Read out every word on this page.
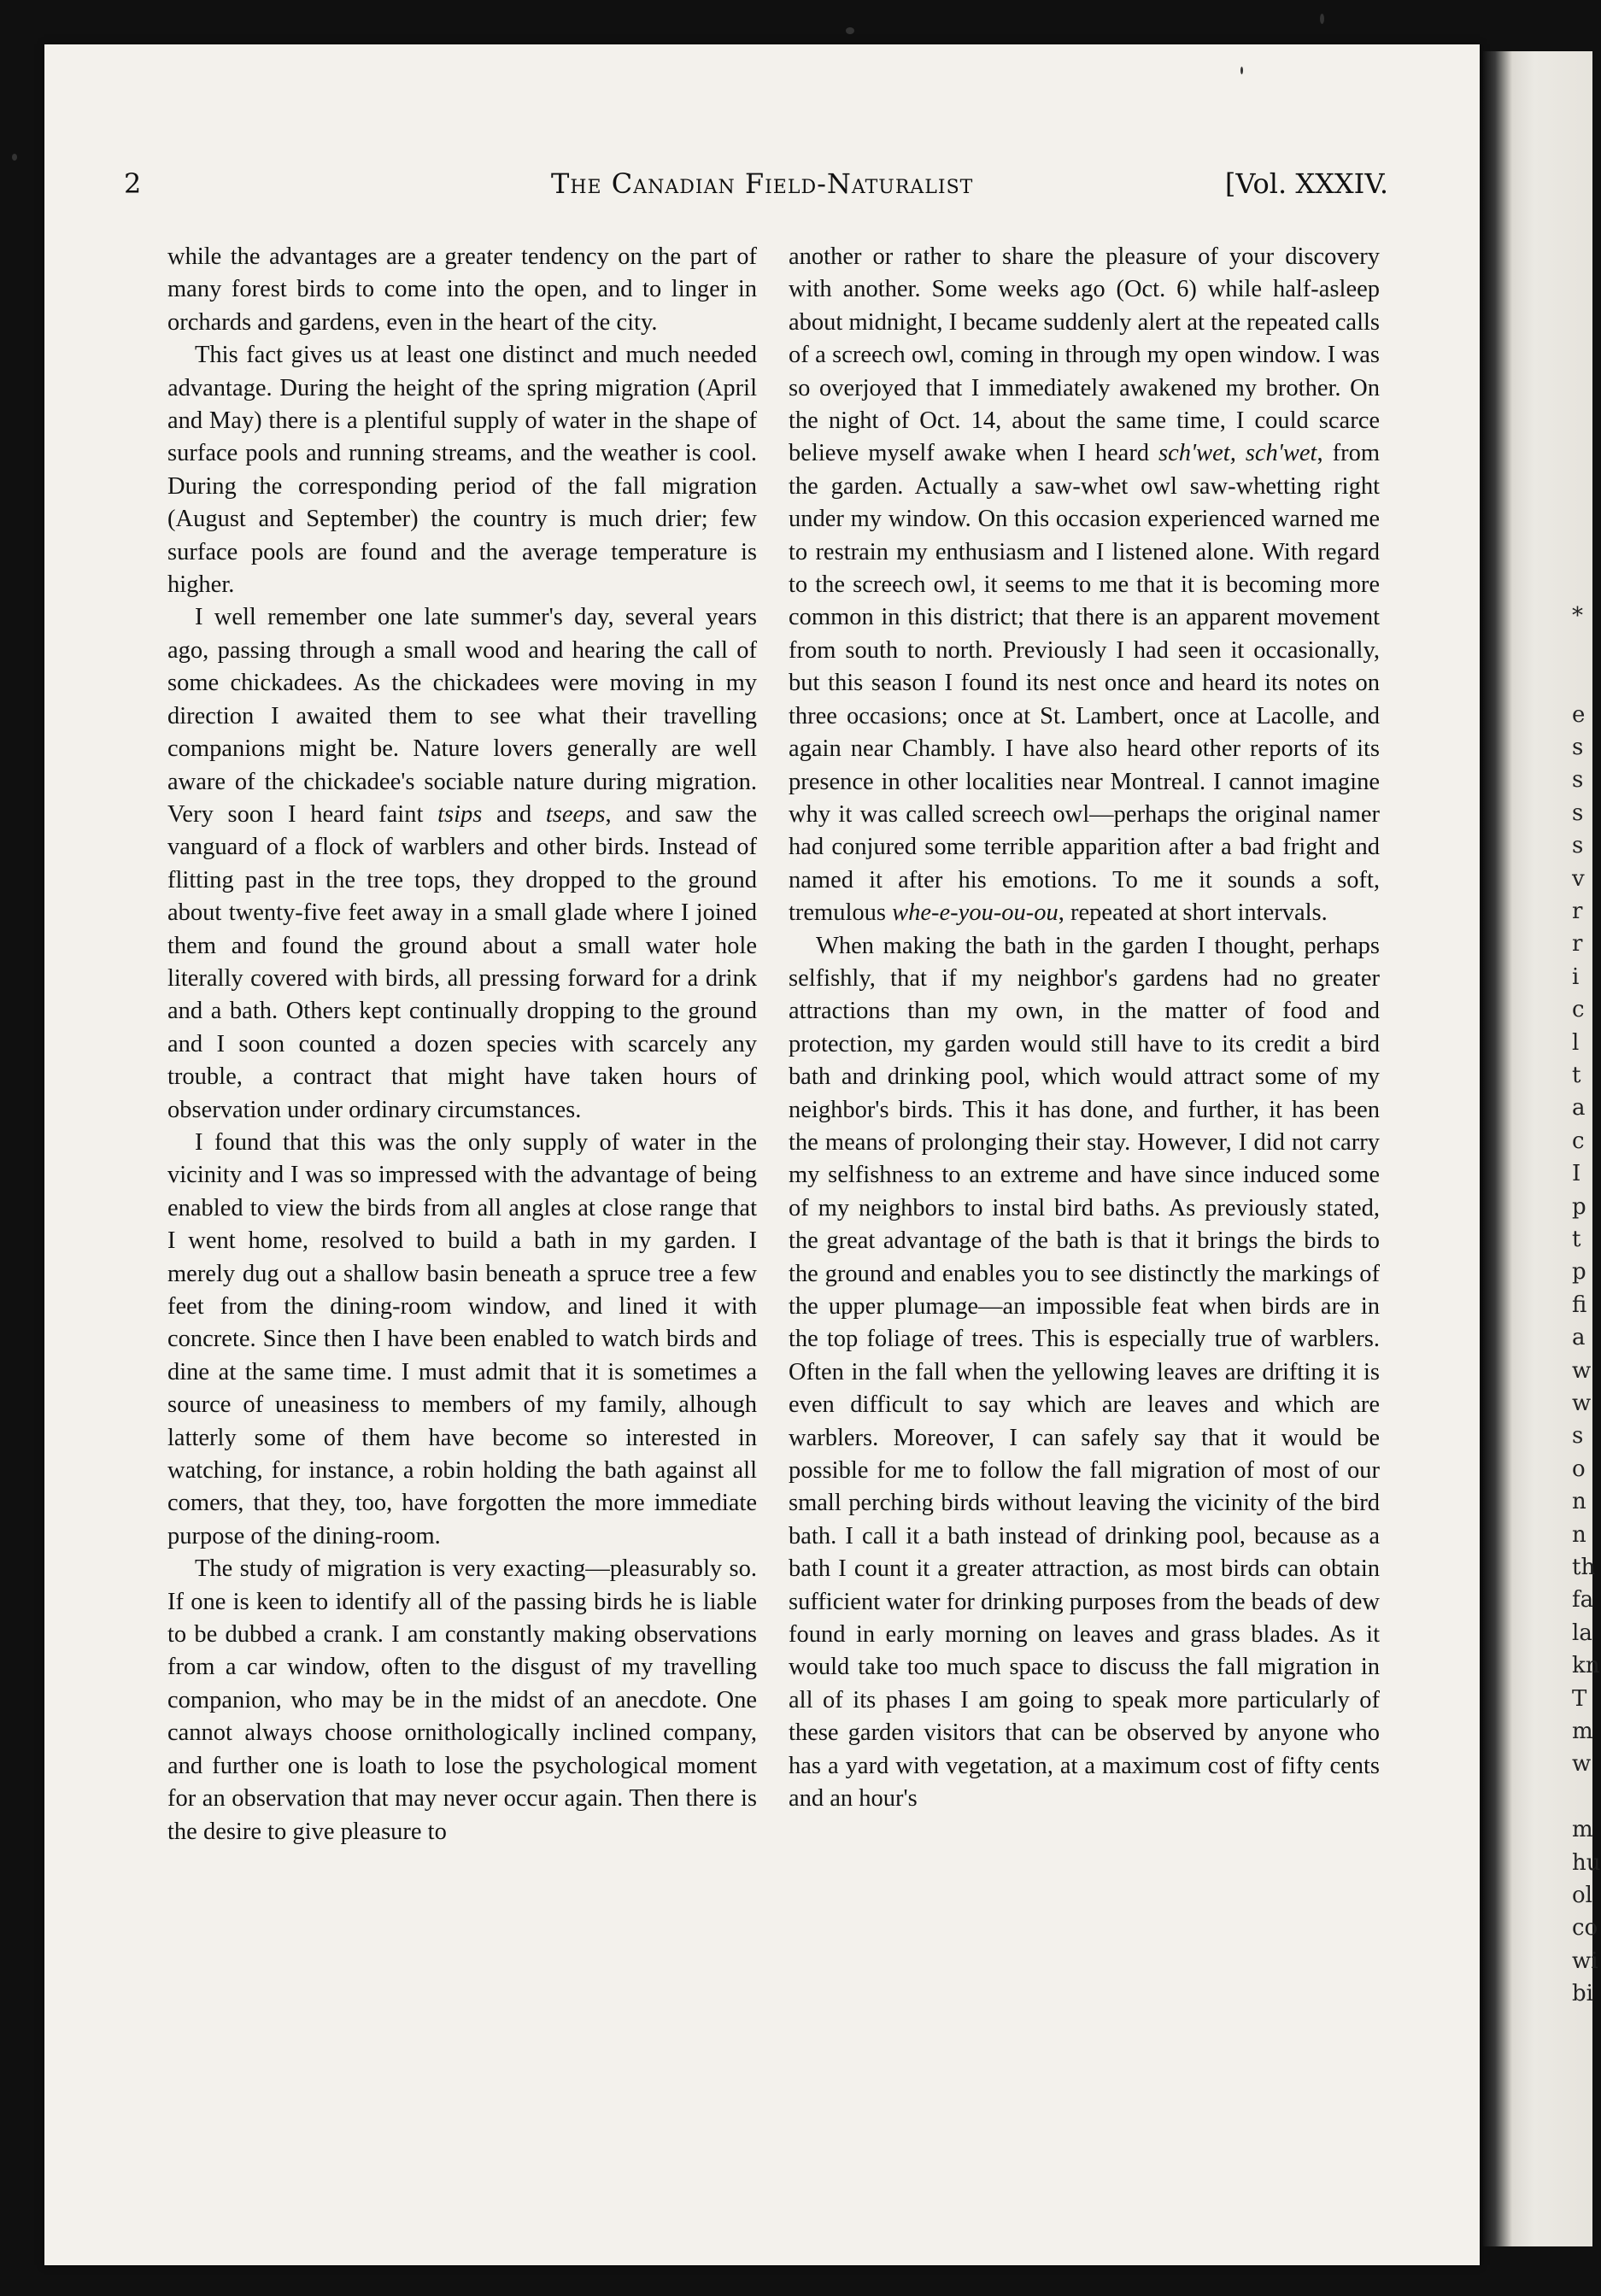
2	The Canadian Field-Naturalist	[Vol. XXXIV.

while the advantages are a greater tendency on the part of many forest birds to come into the open, and to linger in orchards and gardens, even in the heart of the city.

This fact gives us at least one distinct and much needed advantage. During the height of the spring migration (April and May) there is a plentiful supply of water in the shape of surface pools and running streams, and the weather is cool. During the corresponding period of the fall migration (August and September) the country is much drier; few surface pools are found and the average temperature is higher.

I well remember one late summer's day, several years ago, passing through a small wood and hearing the call of some chickadees. As the chickadees were moving in my direction I awaited them to see what their travelling companions might be. Nature lovers generally are well aware of the chickadee's sociable nature during migration. Very soon I heard faint tsips and tseeps, and saw the vanguard of a flock of warblers and other birds. Instead of flitting past in the tree tops, they dropped to the ground about twenty-five feet away in a small glade where I joined them and found the ground about a small water hole literally covered with birds, all pressing forward for a drink and a bath. Others kept continually dropping to the ground and I soon counted a dozen species with scarcely any trouble, a contract that might have taken hours of observation under ordinary circumstances.

I found that this was the only supply of water in the vicinity and I was so impressed with the advantage of being enabled to view the birds from all angles at close range that I went home, resolved to build a bath in my garden. I merely dug out a shallow basin beneath a spruce tree a few feet from the dining-room window, and lined it with concrete. Since then I have been enabled to watch birds and dine at the same time. I must admit that it is sometimes a source of uneasiness to members of my family, alhough latterly some of them have become so interested in watching, for instance, a robin holding the bath against all comers, that they, too, have forgotten the more immediate purpose of the dining-room.

The study of migration is very exacting—pleasurably so. If one is keen to identify all of the passing birds he is liable to be dubbed a crank. I am constantly making observations from a car window, often to the disgust of my travelling companion, who may be in the midst of an anecdote. One cannot always choose ornithologically inclined company, and further one is loath to lose the psychological moment for an observation that may never occur again. Then there is the desire to give pleasure to

another or rather to share the pleasure of your discovery with another. Some weeks ago (Oct. 6) while half-asleep about midnight, I became suddenly alert at the repeated calls of a screech owl, coming in through my open window. I was so overjoyed that I immediately awakened my brother. On the night of Oct. 14, about the same time, I could scarce believe myself awake when I heard sch'wet, sch'wet, from the garden. Actually a saw-whet owl saw-whetting right under my window. On this occasion experienced warned me to restrain my enthusiasm and I listened alone. With regard to the screech owl, it seems to me that it is becoming more common in this district; that there is an apparent movement from south to north. Previously I had seen it occasionally, but this season I found its nest once and heard its notes on three occasions; once at St. Lambert, once at Lacolle, and again near Chambly. I have also heard other reports of its presence in other localities near Montreal. I cannot imagine why it was called screech owl—perhaps the original namer had conjured some terrible apparition after a bad fright and named it after his emotions. To me it sounds a soft, tremulous whe-e-you-ou-ou, repeated at short intervals.

When making the bath in the garden I thought, perhaps selfishly, that if my neighbor's gardens had no greater attractions than my own, in the matter of food and protection, my garden would still have to its credit a bird bath and drinking pool, which would attract some of my neighbor's birds. This it has done, and further, it has been the means of prolonging their stay. However, I did not carry my selfishness to an extreme and have since induced some of my neighbors to instal bird baths. As previously stated, the great advantage of the bath is that it brings the birds to the ground and enables you to see distinctly the markings of the upper plumage—an impossible feat when birds are in the top foliage of trees. This is especially true of warblers. Often in the fall when the yellowing leaves are drifting it is even difficult to say which are leaves and which are warblers. Moreover, I can safely say that it would be possible for me to follow the fall migration of most of our small perching birds without leaving the vicinity of the bird bath. I call it a bath instead of drinking pool, because as a bath I count it a greater attraction, as most birds can obtain sufficient water for drinking purposes from the beads of dew found in early morning on leaves and grass blades. As it would take too much space to discuss the fall migration in all of its phases I am going to speak more particularly of these garden visitors that can be observed by anyone who has a yard with vegetation, at a maximum cost of fifty cents and an hour's

*
e
s
s
s
s
v
r
r
i
c
l
t
a
c
I
p
t
p
fi
a
w
w
s
o
n
n
th
fa
la
kn
T
m
w
m
hu
ol
co
wi
bi
